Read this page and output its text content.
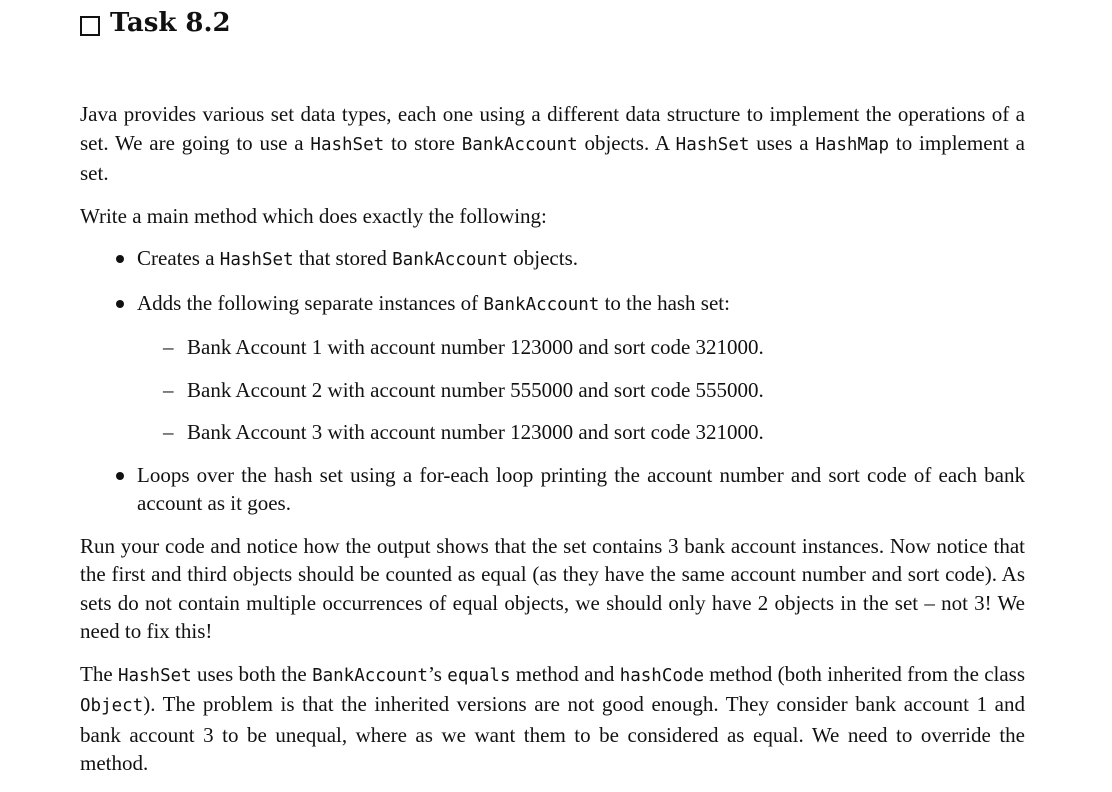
Task 8.2

Java provides various set data types, each one using a different data structure to implement the operations of a set. We are going to use a HashSet to store BankAccount objects. A HashSet uses a HashMap to implement a set.

Write a main method which does exactly the following:

Creates a HashSet that stored BankAccount objects.
Adds the following separate instances of BankAccount to the hash set:
– Bank Account 1 with account number 123000 and sort code 321000.
– Bank Account 2 with account number 555000 and sort code 555000.
– Bank Account 3 with account number 123000 and sort code 321000.
Loops over the hash set using a for-each loop printing the account number and sort code of each bank account as it goes.

Run your code and notice how the output shows that the set contains 3 bank account instances. Now notice that the first and third objects should be counted as equal (as they have the same account number and sort code). As sets do not contain multiple occurrences of equal objects, we should only have 2 objects in the set – not 3! We need to fix this!

The HashSet uses both the BankAccount’s equals method and hashCode method (both inherited from the class Object). The problem is that the inherited versions are not good enough. They consider bank account 1 and bank account 3 to be unequal, where as we want them to be considered as equal. We need to override the method.
